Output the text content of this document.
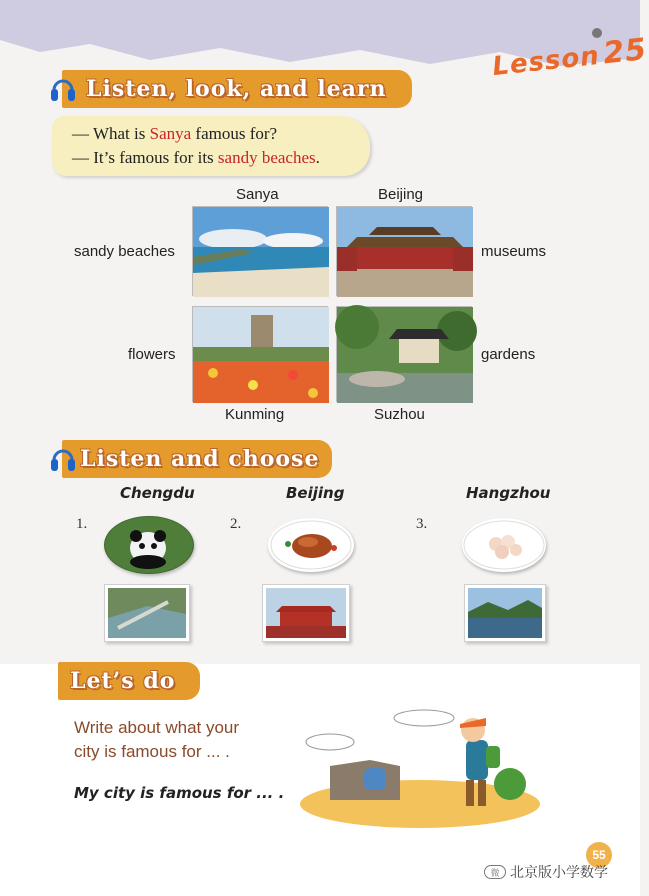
Lesson25
Listen, look, and learn
— What is Sanya famous for?
— It’s famous for its sandy beaches.
Sanya	Beijing
sandy beaches	museums
flowers	gardens
Kunming	Suzhou
Listen and choose
Chengdu	Beijing	Hangzhou
1.	2.	3.
Let’s do
Write about what your
city is famous for ... .
My city is famous for ... .
55
微 北京版小学数学
